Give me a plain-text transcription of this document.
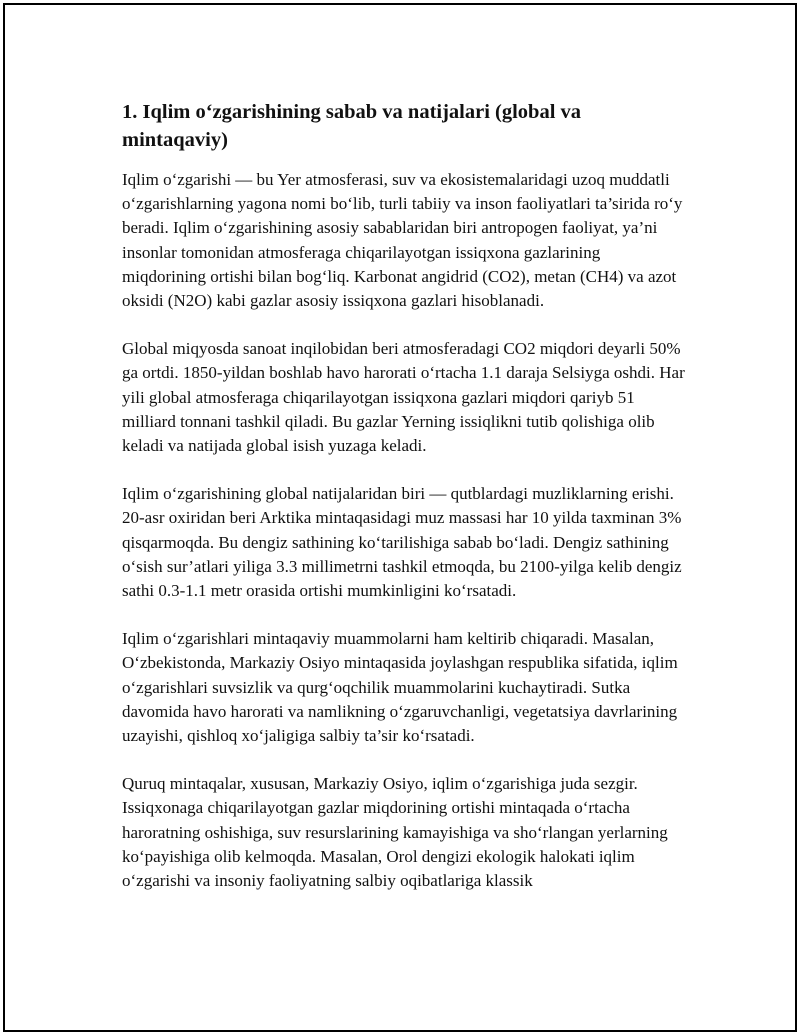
1. Iqlim o‘zgarishining sabab va natijalari (global va mintaqaviy)

Iqlim o‘zgarishi — bu Yer atmosferasi, suv va ekosistemalaridagi uzoq muddatli o‘zgarishlarning yagona nomi bo‘lib, turli tabiiy va inson faoliyatlari ta’sirida ro‘y beradi. Iqlim o‘zgarishining asosiy sabablaridan biri antropogen faoliyat, ya’ni insonlar tomonidan atmosferaga chiqarilayotgan issiqxona gazlarining miqdorining ortishi bilan bog‘liq. Karbonat angidrid (CO2), metan (CH4) va azot oksidi (N2O) kabi gazlar asosiy issiqxona gazlari hisoblanadi.

Global miqyosda sanoat inqilobidan beri atmosferadagi CO2 miqdori deyarli 50% ga ortdi. 1850-yildan boshlab havo harorati o‘rtacha 1.1 daraja Selsiyga oshdi. Har yili global atmosferaga chiqarilayotgan issiqxona gazlari miqdori qariyb 51 milliard tonnani tashkil qiladi. Bu gazlar Yerning issiqlikni tutib qolishiga olib keladi va natijada global isish yuzaga keladi.

Iqlim o‘zgarishining global natijalaridan biri — qutblardagi muzliklarning erishi. 20-asr oxiridan beri Arktika mintaqasidagi muz massasi har 10 yilda taxminan 3% qisqarmoqda. Bu dengiz sathining ko‘tarilishiga sabab bo‘ladi. Dengiz sathining o‘sish sur’atlari yiliga 3.3 millimetrni tashkil etmoqda, bu 2100-yilga kelib dengiz sathi 0.3-1.1 metr orasida ortishi mumkinligini ko‘rsatadi.

Iqlim o‘zgarishlari mintaqaviy muammolarni ham keltirib chiqaradi. Masalan, O‘zbekistonda, Markaziy Osiyo mintaqasida joylashgan respublika sifatida, iqlim o‘zgarishlari suvsizlik va qurg‘oqchilik muammolarini kuchaytiradi. Sutka davomida havo harorati va namlikning o‘zgaruvchanligi, vegetatsiya davrlarining uzayishi, qishloq xo‘jaligiga salbiy ta’sir ko‘rsatadi.

Quruq mintaqalar, xususan, Markaziy Osiyo, iqlim o‘zgarishiga juda sezgir. Issiqxonaga chiqarilayotgan gazlar miqdorining ortishi mintaqada o‘rtacha haroratning oshishiga, suv resurslarining kamayishiga va sho‘rlangan yerlarning ko‘payishiga olib kelmoqda. Masalan, Orol dengizi ekologik halokati iqlim o‘zgarishi va insoniy faoliyatning salbiy oqibatlariga klassik
